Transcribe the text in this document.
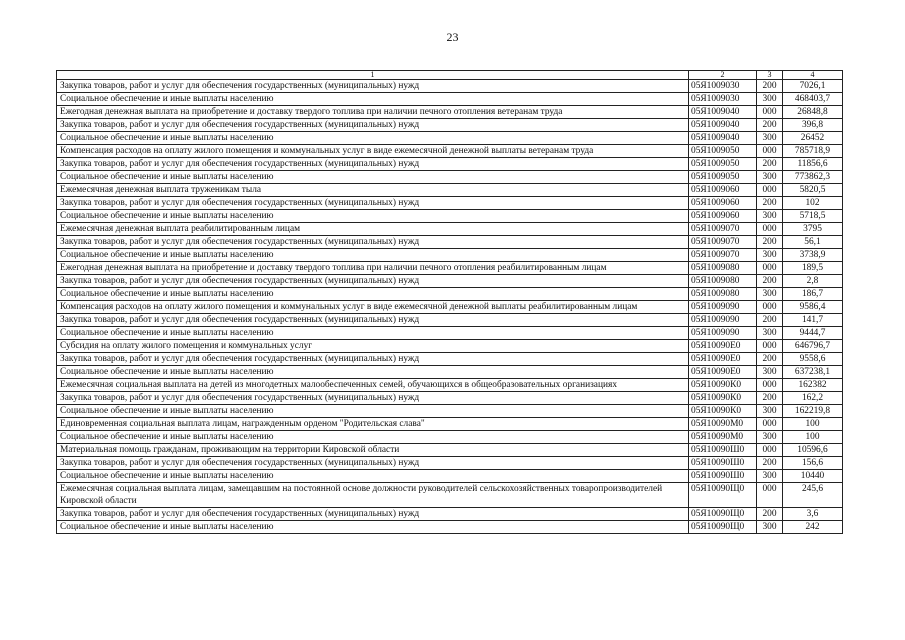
23
1	2	3	4
Закупка товаров, работ и услуг для обеспечения государственных (муниципальных) нужд	05Я1009030	200	7026,1
Социальное обеспечение и иные выплаты населению	05Я1009030	300	468403,7
Ежегодная денежная выплата на приобретение и доставку твердого топлива при наличии печного отопления ветеранам труда	05Я1009040	000	26848,8
Закупка товаров, работ и услуг для обеспечения государственных (муниципальных) нужд	05Я1009040	200	396,8
Социальное обеспечение и иные выплаты населению	05Я1009040	300	26452
Компенсация расходов на оплату жилого помещения и коммунальных услуг в виде ежемесячной денежной выплаты ветеранам труда	05Я1009050	000	785718,9
Закупка товаров, работ и услуг для обеспечения государственных (муниципальных) нужд	05Я1009050	200	11856,6
Социальное обеспечение и иные выплаты населению	05Я1009050	300	773862,3
Ежемесячная денежная выплата труженикам тыла	05Я1009060	000	5820,5
Закупка товаров, работ и услуг для обеспечения государственных (муниципальных) нужд	05Я1009060	200	102
Социальное обеспечение и иные выплаты населению	05Я1009060	300	5718,5
Ежемесячная денежная выплата реабилитированным лицам	05Я1009070	000	3795
Закупка товаров, работ и услуг для обеспечения государственных (муниципальных) нужд	05Я1009070	200	56,1
Социальное обеспечение и иные выплаты населению	05Я1009070	300	3738,9
Ежегодная денежная выплата на приобретение и доставку твердого топлива при наличии печного отопления реабилитированным лицам	05Я1009080	000	189,5
Закупка товаров, работ и услуг для обеспечения государственных (муниципальных) нужд	05Я1009080	200	2,8
Социальное обеспечение и иные выплаты населению	05Я1009080	300	186,7
Компенсация расходов на оплату жилого помещения и коммунальных услуг в виде ежемесячной денежной выплаты реабилитированным лицам	05Я1009090	000	9586,4
Закупка товаров, работ и услуг для обеспечения государственных (муниципальных) нужд	05Я1009090	200	141,7
Социальное обеспечение и иные выплаты населению	05Я1009090	300	9444,7
Субсидия на оплату жилого помещения и коммунальных услуг	05Я10090Е0	000	646796,7
Закупка товаров, работ и услуг для обеспечения государственных (муниципальных) нужд	05Я10090Е0	200	9558,6
Социальное обеспечение и иные выплаты населению	05Я10090Е0	300	637238,1
Ежемесячная социальная выплата на детей из многодетных малообеспеченных семей, обучающихся в общеобразовательных организациях	05Я10090К0	000	162382
Закупка товаров, работ и услуг для обеспечения государственных (муниципальных) нужд	05Я10090К0	200	162,2
Социальное обеспечение и иные выплаты населению	05Я10090К0	300	162219,8
Единовременная социальная выплата лицам, награжденным орденом "Родительская слава"	05Я10090М0	000	100
Социальное обеспечение и иные выплаты населению	05Я10090М0	300	100
Материальная помощь гражданам, проживающим на территории Кировской области	05Я10090Ш0	000	10596,6
Закупка товаров, работ и услуг для обеспечения государственных (муниципальных) нужд	05Я10090Ш0	200	156,6
Социальное обеспечение и иные выплаты населению	05Я10090Ш0	300	10440
Ежемесячная социальная выплата лицам, замещавшим на постоянной основе должности руководителей сельскохозяйственных товаропроизводителей Кировской области	05Я10090Щ0	000	245,6
Закупка товаров, работ и услуг для обеспечения государственных (муниципальных) нужд	05Я10090Щ0	200	3,6
Социальное обеспечение и иные выплаты населению	05Я10090Щ0	300	242
